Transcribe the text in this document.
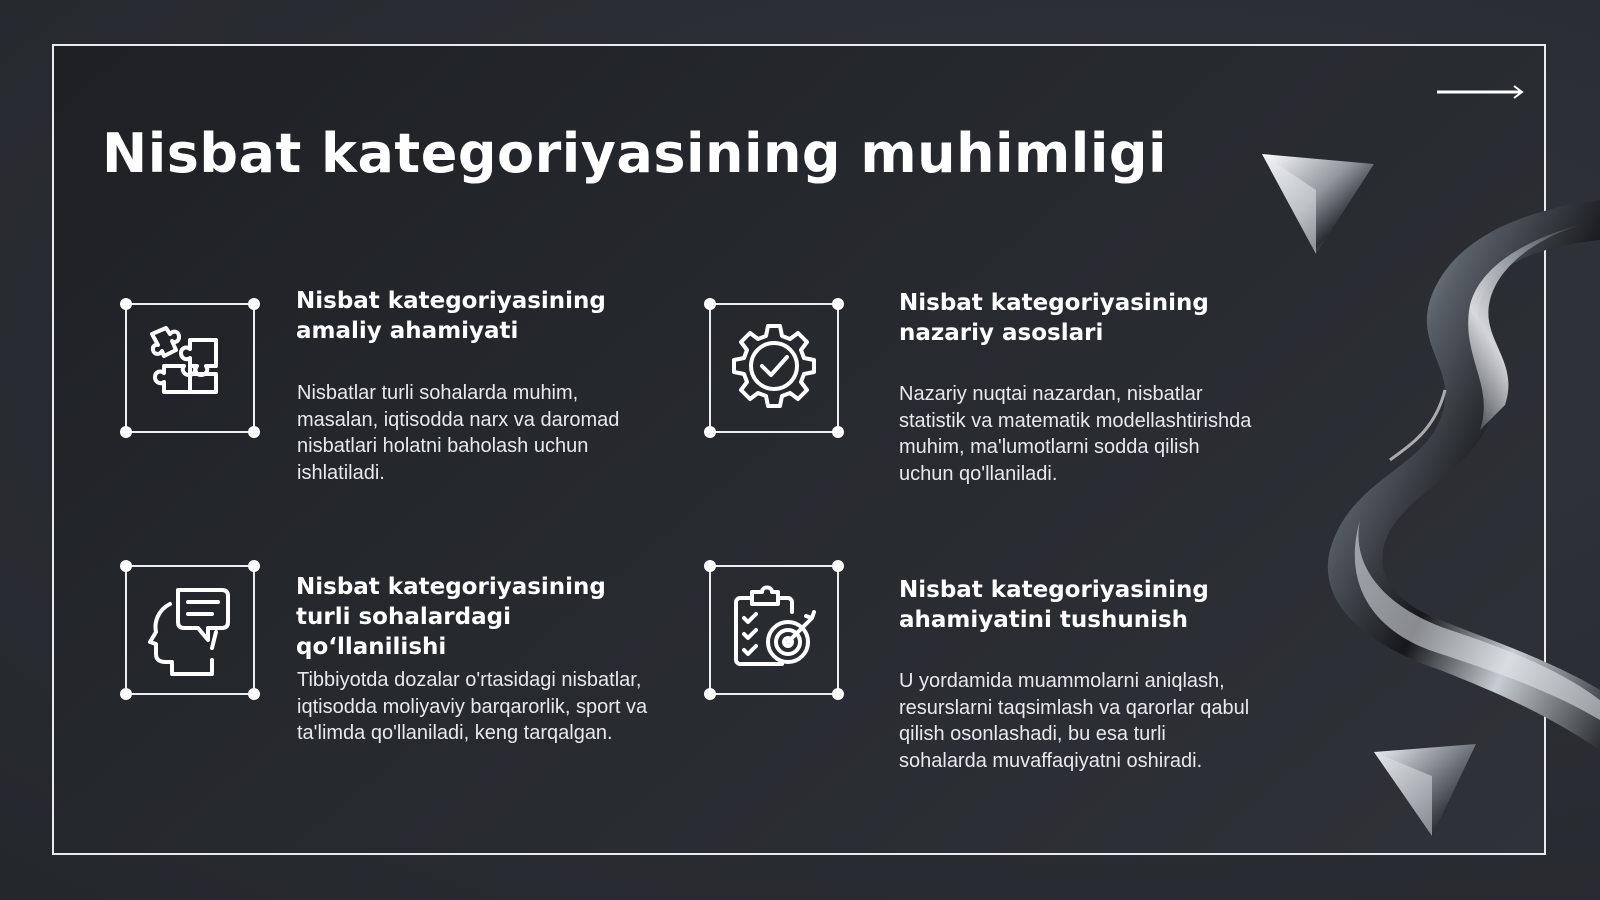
Nisbat kategoriyasining muhimligi
Nisbat kategoriyasining amaliy ahamiyati

Nisbatlar turli sohalarda muhim, masalan, iqtisodda narx va daromad nisbatlari holatni baholash uchun ishlatiladi.

Nisbat kategoriyasining nazariy asoslari

Nazariy nuqtai nazardan, nisbatlar statistik va matematik modellashtirishda muhim, ma'lumotlarni sodda qilish uchun qo'llaniladi.

Nisbat kategoriyasining turli sohalardagi qo‘llanilishi

Tibbiyotda dozalar o'rtasidagi nisbatlar, iqtisodda moliyaviy barqarorlik, sport va ta'limda qo'llaniladi, keng tarqalgan.

Nisbat kategoriyasining ahamiyatini tushunish

U yordamida muammolarni aniqlash, resurslarni taqsimlash va qarorlar qabul qilish osonlashadi, bu esa turli sohalarda muvaffaqiyatni oshiradi.
